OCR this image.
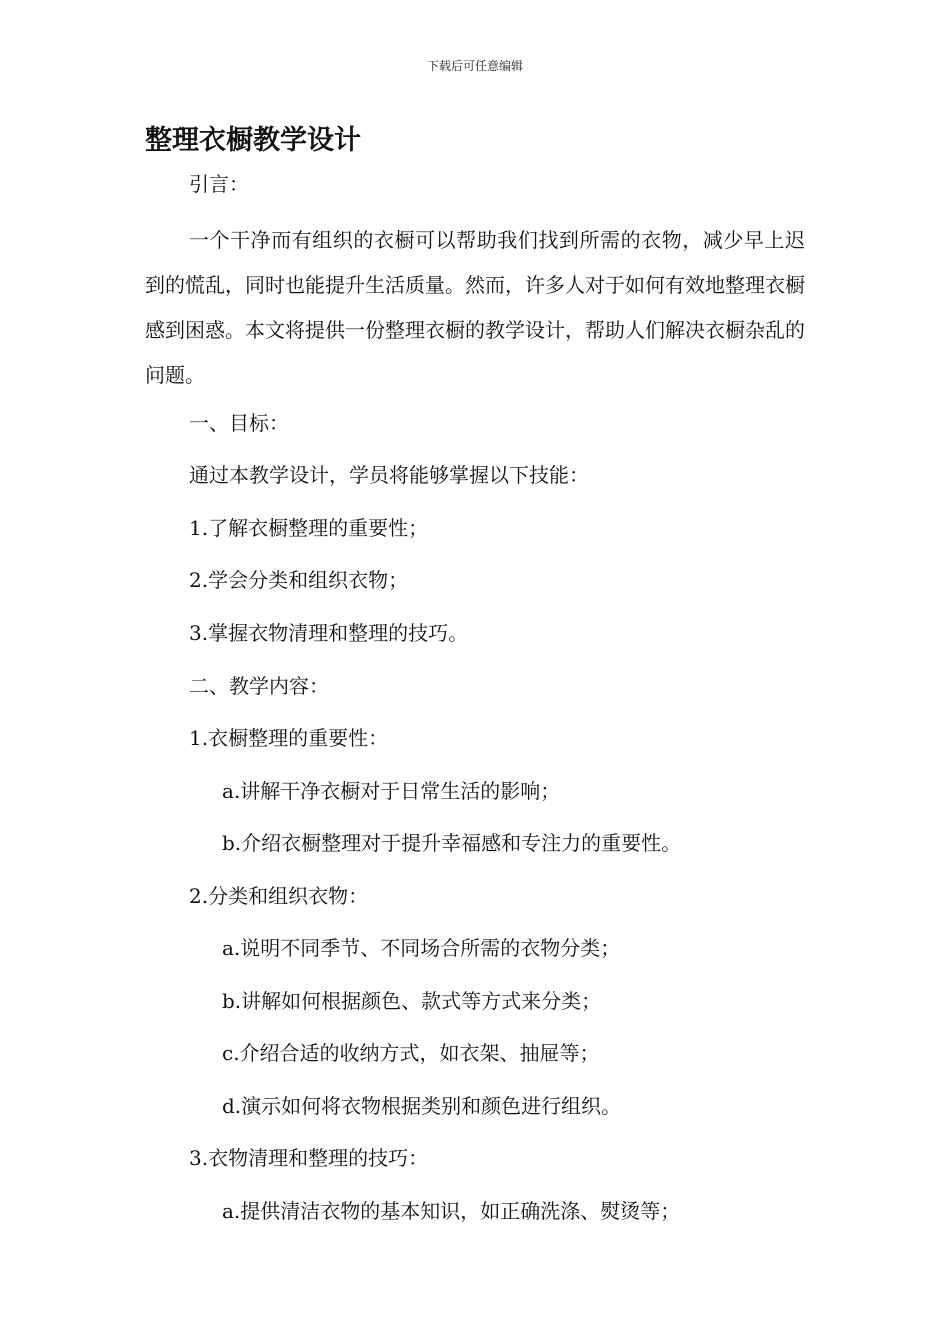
下载后可任意编辑
整理衣橱教学设计
引言：

一个干净而有组织的衣橱可以帮助我们找到所需的衣物，减少早上迟到的慌乱，同时也能提升生活质量。然而，许多人对于如何有效地整理衣橱感到困惑。本文将提供一份整理衣橱的教学设计，帮助人们解决衣橱杂乱的问题。

一、目标：
通过本教学设计，学员将能够掌握以下技能：
1.了解衣橱整理的重要性；
2.学会分类和组织衣物；
3.掌握衣物清理和整理的技巧。
二、教学内容：
1.衣橱整理的重要性：
a.讲解干净衣橱对于日常生活的影响；
b.介绍衣橱整理对于提升幸福感和专注力的重要性。
2.分类和组织衣物：
a.说明不同季节、不同场合所需的衣物分类；
b.讲解如何根据颜色、款式等方式来分类；
c.介绍合适的收纳方式，如衣架、抽屉等；
d.演示如何将衣物根据类别和颜色进行组织。
3.衣物清理和整理的技巧：
a.提供清洁衣物的基本知识，如正确洗涤、熨烫等；
